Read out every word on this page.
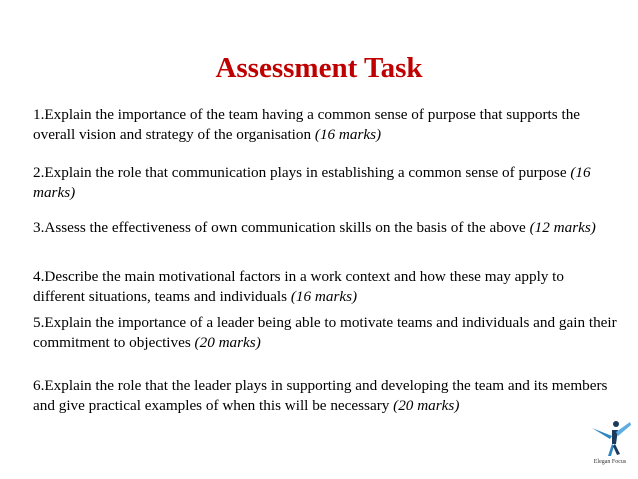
Assessment Task
1.Explain the importance of the team having a common sense of purpose that supports the overall vision and strategy of the organisation (16 marks)
2.Explain the role that communication plays in establishing a common sense of purpose (16 marks)
3.Assess the effectiveness of own communication skills on the basis of the above (12 marks)
4.Describe the main motivational factors in a work context and how these may apply to different situations, teams and individuals (16 marks)
5.Explain the importance of a leader being able to motivate teams and individuals and gain their commitment to objectives (20 marks)
6.Explain the role that the leader plays in supporting and developing the team and its members and give practical examples of when this will be necessary (20 marks)
Elegan Focus
